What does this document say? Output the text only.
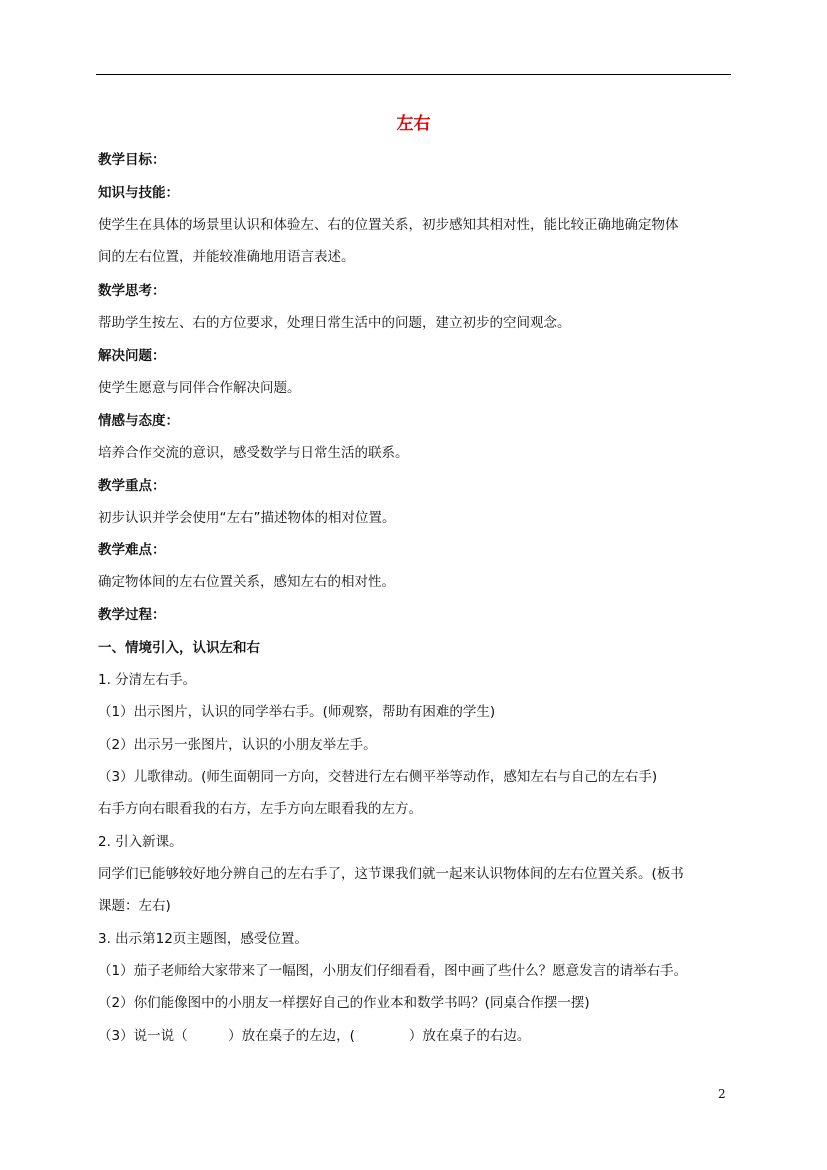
左右
教学目标：
知识与技能：
使学生在具体的场景里认识和体验左、右的位置关系，初步感知其相对性，能比较正确地确定物体
间的左右位置，并能较准确地用语言表述。
数学思考：
帮助学生按左、右的方位要求，处理日常生活中的问题，建立初步的空间观念。
解决问题：
使学生愿意与同伴合作解决问题。
情感与态度：
培养合作交流的意识，感受数学与日常生活的联系。
教学重点：
初步认识并学会使用“左右”描述物体的相对位置。
教学难点：
确定物体间的左右位置关系，感知左右的相对性。
教学过程：
一、情境引入，认识左和右
1. 分清左右手。
（1）出示图片，认识的同学举右手。(师观察，帮助有困难的学生)
（2）出示另一张图片，认识的小朋友举左手。
（3）儿歌律动。(师生面朝同一方向，交替进行左右侧平举等动作，感知左右与自己的左右手)
右手方向右眼看我的右方，左手方向左眼看我的左方。
2. 引入新课。
同学们已能够较好地分辨自己的左右手了，这节课我们就一起来认识物体间的左右位置关系。(板书
课题：左右)
3. 出示第12页主题图，感受位置。
（1）茄子老师给大家带来了一幅图，小朋友们仔细看看，图中画了些什么？愿意发言的请举右手。
（2）你们能像图中的小朋友一样摆好自己的作业本和数学书吗？(同桌合作摆一摆)
（3）说一说（　　　）放在桌子的左边，(　　　　）放在桌子的右边。
2
